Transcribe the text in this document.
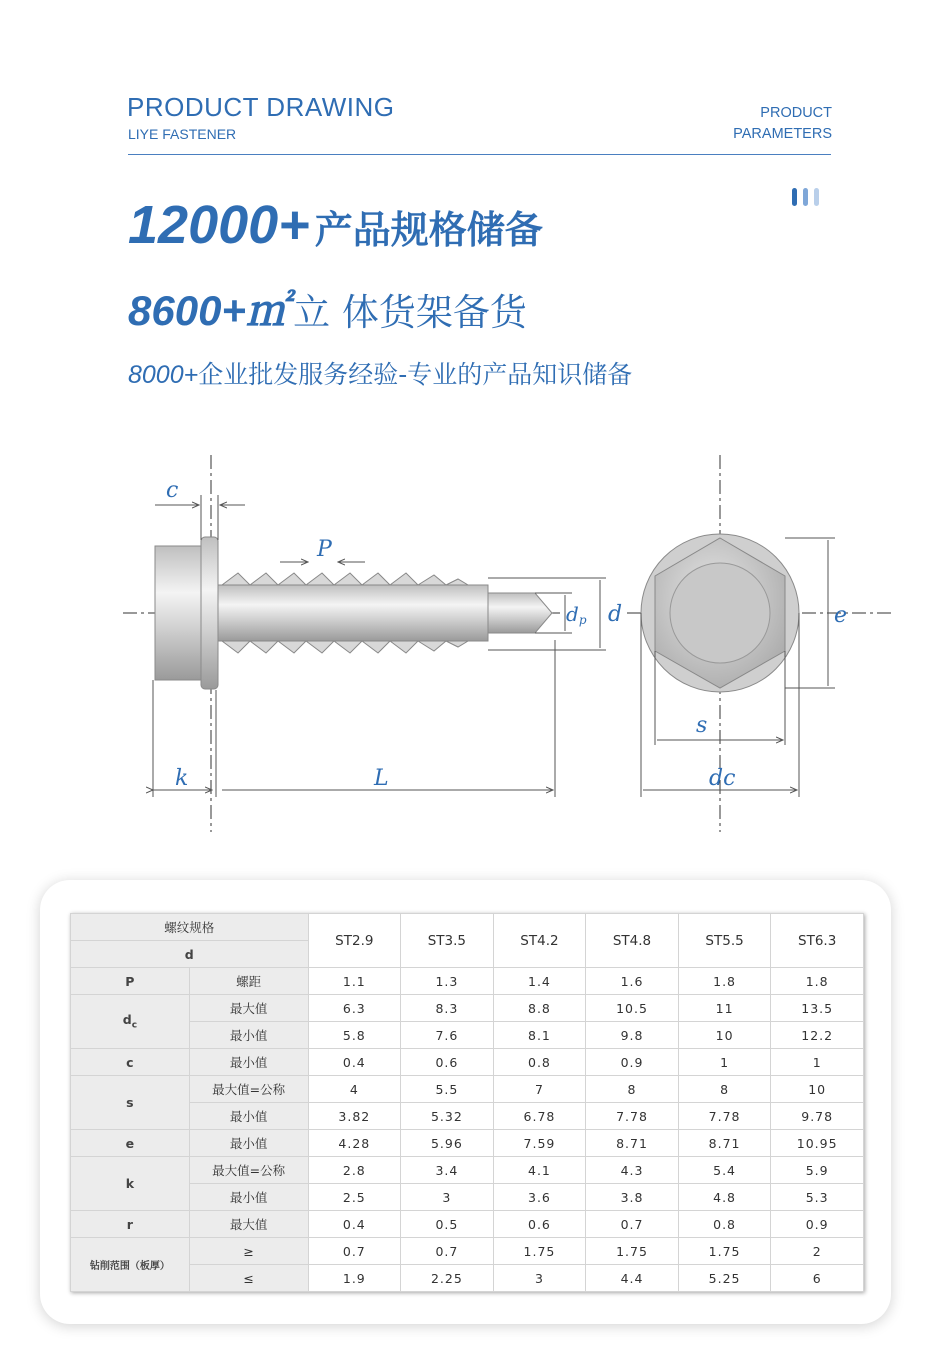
PRODUCT DRAWING
LIYE FASTENER
PRODUCT
PARAMETERS
12000+ 产品规格储备
8600+㎡ 立 体货架备货
8000+企业批发服务经验-专业的产品知识储备
c
P
dp d
k	L
e
s
dc
螺纹规格		ST2.9	ST3.5	ST4.2	ST4.8	ST5.5	ST6.3
d							
P	螺距	1.1	1.3	1.4	1.6	1.8	1.8
$d_c$	最大值	6.3	8.3	8.8	10.5	11	13.5
	最小值	5.8	7.6	8.1	9.8	10	12.2
c	最小值	0.4	0.6	0.8	0.9	1	1
s	最大值=公称	4	5.5	7	8	8	10
	最小值	3.82	5.32	6.78	7.78	7.78	9.78
e	最小值	4.28	5.96	7.59	8.71	8.71	10.95
k	最大值=公称	2.8	3.4	4.1	4.3	5.4	5.9
	最小值	2.5	3	3.6	3.8	4.8	5.3
r	最大值	0.4	0.5	0.6	0.7	0.8	0.9
钻削范围（板厚）	≥	0.7	0.7	1.75	1.75	1.75	2
	≤	1.9	2.25	3	4.4	5.25	6
